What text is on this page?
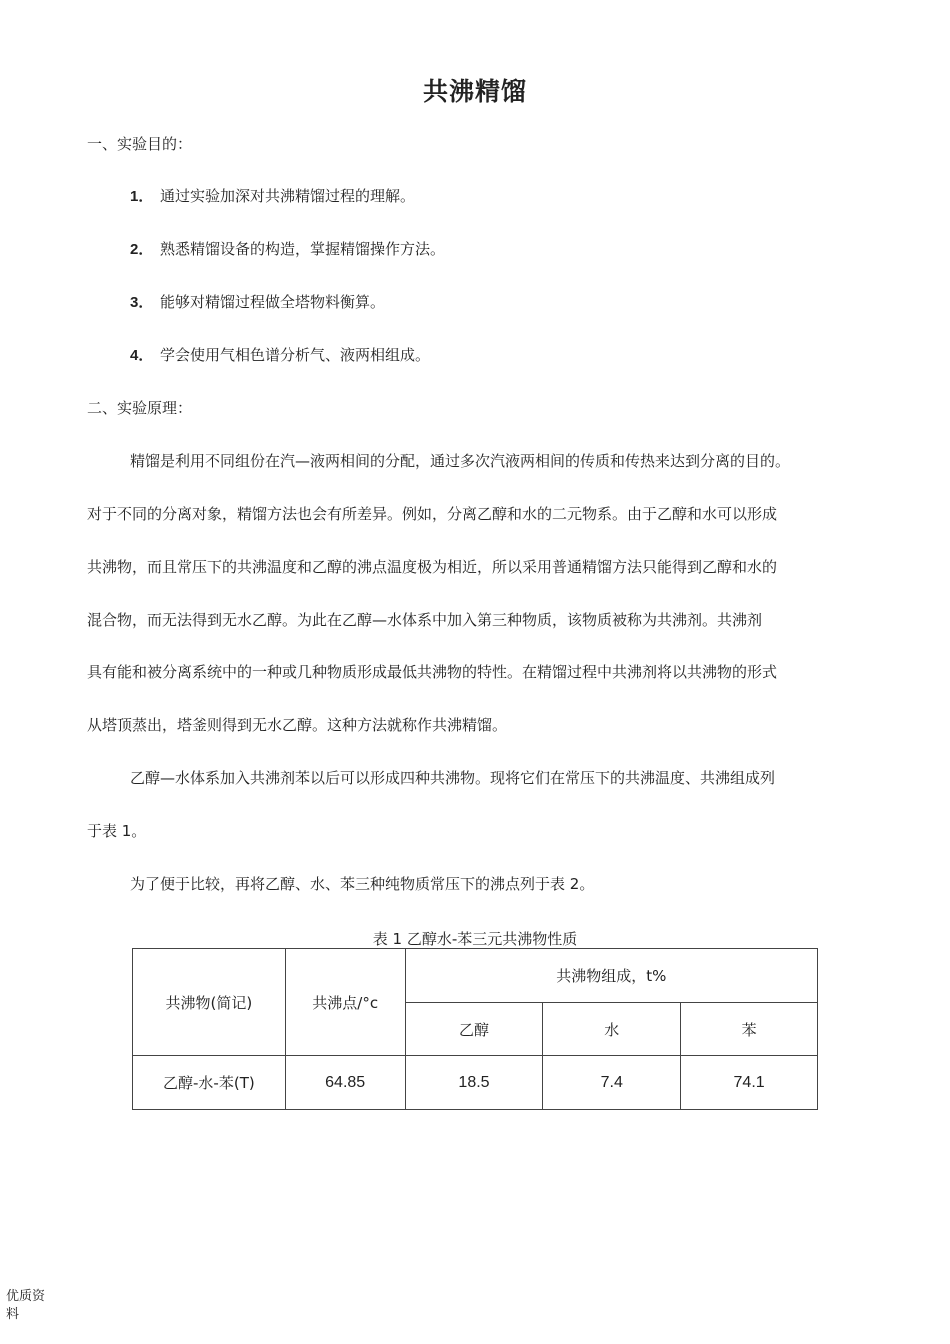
共沸精馏
一、实验目的：
1． 通过实验加深对共沸精馏过程的理解。
2． 熟悉精馏设备的构造，掌握精馏操作方法。
3． 能够对精馏过程做全塔物料衡算。
4． 学会使用气相色谱分析气、液两相组成。
二、实验原理：
精馏是利用不同组份在汽—液两相间的分配，通过多次汽液两相间的传质和传热来达到分离的目的。
对于不同的分离对象，精馏方法也会有所差异。例如，分离乙醇和水的二元物系。由于乙醇和水可以形成
共沸物，而且常压下的共沸温度和乙醇的沸点温度极为相近，所以采用普通精馏方法只能得到乙醇和水的
混合物，而无法得到无水乙醇。为此在乙醇—水体系中加入第三种物质，该物质被称为共沸剂。共沸剂
具有能和被分离系统中的一种或几种物质形成最低共沸物的特性。在精馏过程中共沸剂将以共沸物的形式
从塔顶蒸出，塔釜则得到无水乙醇。这种方法就称作共沸精馏。
乙醇—水体系加入共沸剂苯以后可以形成四种共沸物。现将它们在常压下的共沸温度、共沸组成列
于表 1。
为了便于比较，再将乙醇、水、苯三种纯物质常压下的沸点列于表 2。
表 1 乙醇水-苯三元共沸物性质
共沸物(简记)	共沸点/°c	共沸物组成，t%		
		乙醇	水	苯
乙醇-水-苯(T)	64.85	18.5	7.4	74.1
优质资料
